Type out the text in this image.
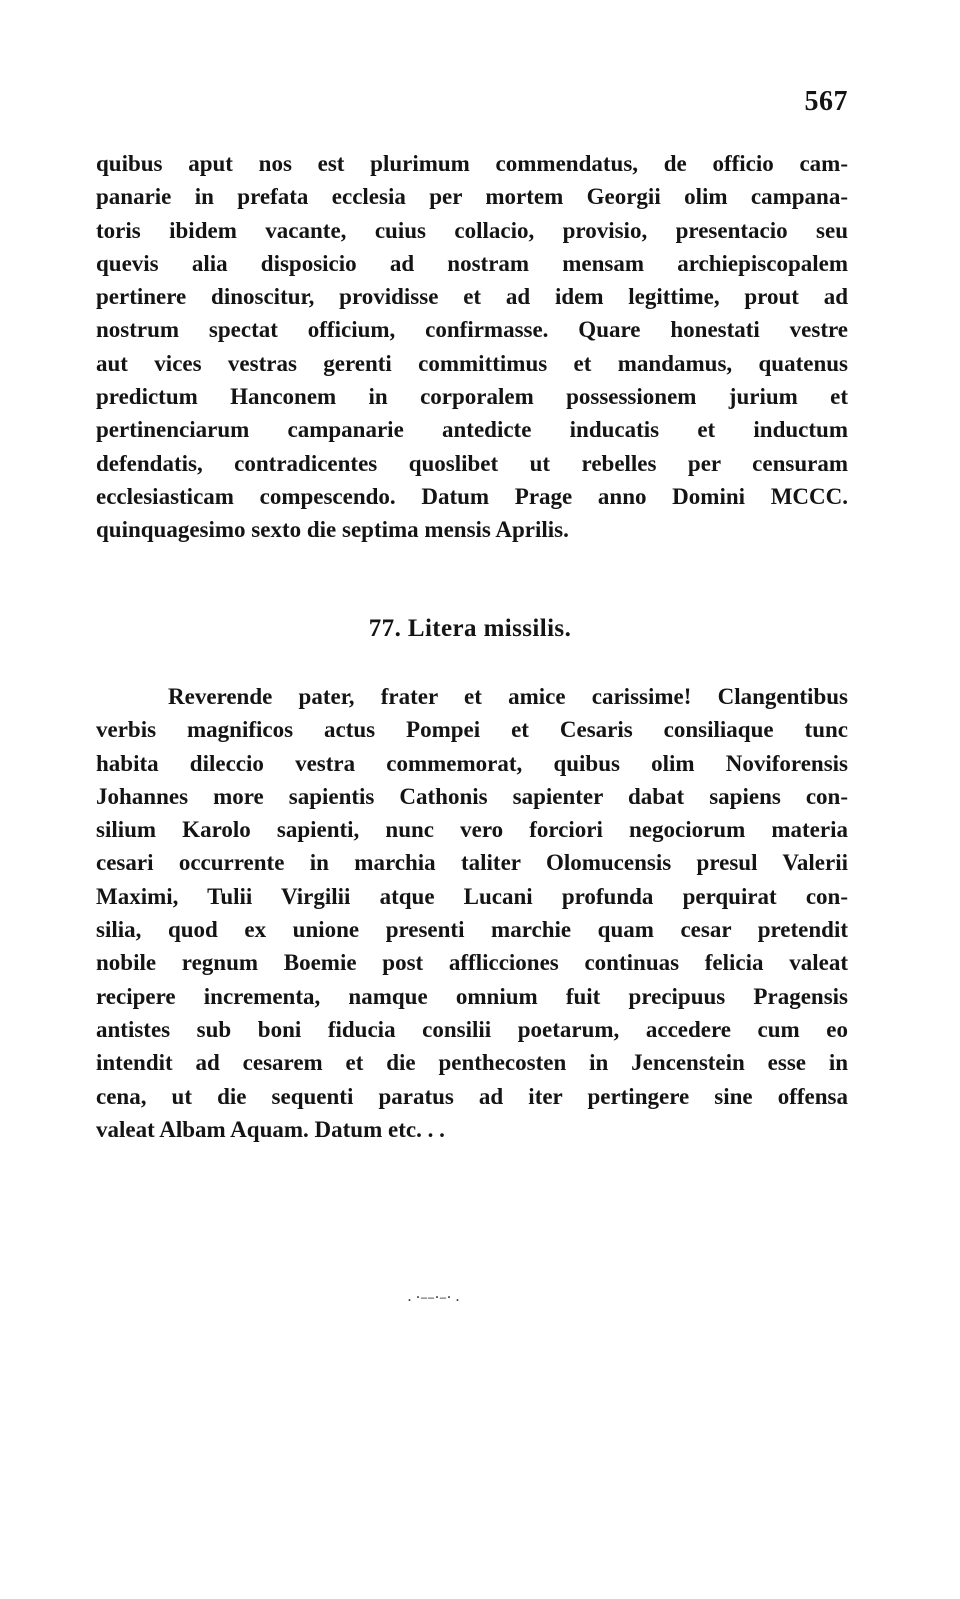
567
quibus aput nos est plurimum commendatus, de officio cam-
panarie in prefata ecclesia per mortem Georgii olim campana-
toris ibidem vacante, cuius collacio, provisio, presentacio seu
quevis alia disposicio ad nostram mensam archiepiscopalem
pertinere dinoscitur, providisse et ad idem legittime, prout ad
nostrum spectat officium, confirmasse. Quare honestati vestre
aut vices vestras gerenti committimus et mandamus, quatenus
predictum Hanconem in corporalem possessionem jurium et
pertinenciarum campanarie antedicte inducatis et inductum
defendatis, contradicentes quoslibet ut rebelles per censuram
ecclesiasticam compescendo. Datum Prage anno Domini MCCC.
quinquagesimo sexto die septima mensis Aprilis.
77. Litera missilis.
Reverende pater, frater et amice carissime! Clangentibus
verbis magnificos actus Pompei et Cesaris consiliaque tunc
habita dileccio vestra commemorat, quibus olim Noviforensis
Johannes more sapientis Cathonis sapienter dabat sapiens con-
silium Karolo sapienti, nunc vero forciori negociorum materia
cesari occurrente in marchia taliter Olomucensis presul Valerii
Maximi, Tulii Virgilii atque Lucani profunda perquirat con-
silia, quod ex unione presenti marchie quam cesar pretendit
nobile regnum Boemie post afflicciones continuas felicia valeat
recipere incrementa, namque omnium fuit precipuus Pragensis
antistes sub boni fiducia consilii poetarum, accedere cum eo
intendit ad cesarem et die penthecosten in Jencenstein esse in
cena, ut die sequenti paratus ad iter pertingere sine offensa
valeat Albam Aquam. Datum etc. . .
. ·‒‒·‒· .
